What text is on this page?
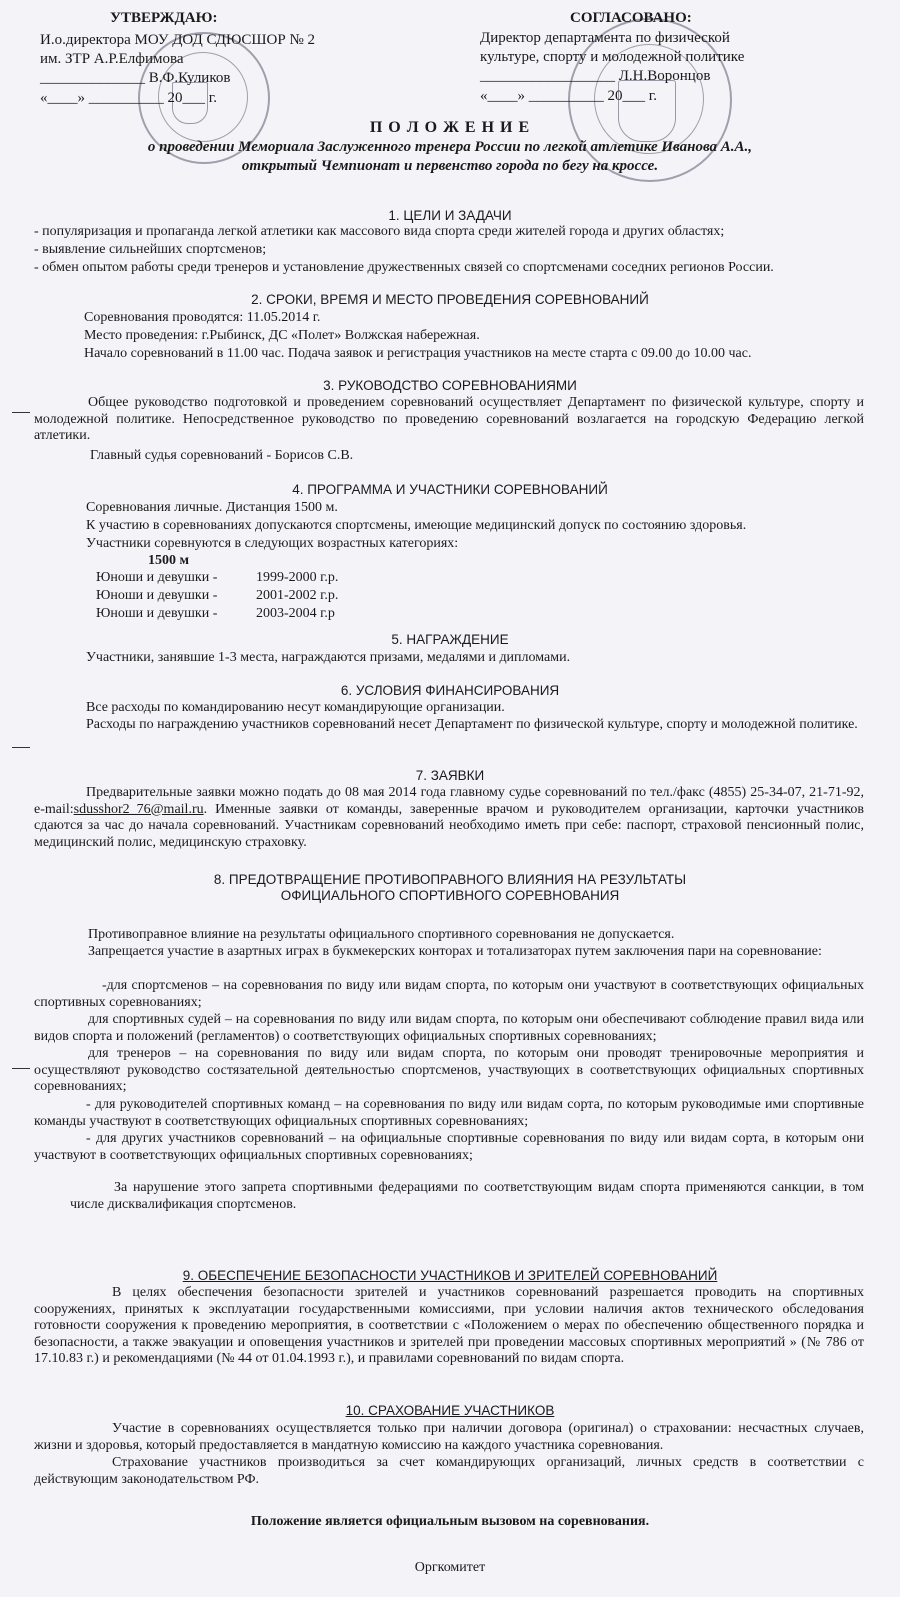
УТВЕРЖДАЮ:
И.о.директора МОУ ДОД СДЮСШОР № 2
им. ЗТР А.Р.Елфимова
______________ В.Ф.Куликов
«____» __________ 20___ г.
СОГЛАСОВАНО:
Директор департамента по физической
культуре, спорту и молодежной политике
__________________ Л.Н.Воронцов
«____» __________ 20___ г.
П О Л О Ж Е Н И Е
о проведении Мемориала Заслуженного тренера России по легкой атлетике Иванова А.А.,
открытый Чемпионат и первенство города по бегу на кроссе.
1. ЦЕЛИ И ЗАДАЧИ
- популяризация и пропаганда легкой атлетики как массового вида спорта среди жителей города и других областях;
- выявление сильнейших спортсменов;
- обмен опытом работы среди тренеров и установление дружественных связей со спортсменами соседних регионов России.
2. СРОКИ, ВРЕМЯ И МЕСТО ПРОВЕДЕНИЯ СОРЕВНОВАНИЙ
Соревнования проводятся: 11.05.2014 г.
Место проведения: г.Рыбинск, ДС «Полет» Волжская набережная.
Начало соревнований в 11.00 час. Подача заявок и регистрация участников на месте старта с 09.00 до 10.00 час.
3. РУКОВОДСТВО СОРЕВНОВАНИЯМИ
Общее руководство подготовкой и проведением соревнований осуществляет Департамент по физической культуре, спорту и молодежной политике. Непосредственное руководство по проведению соревнований возлагается на городскую Федерацию легкой атлетики.
Главный судья соревнований - Борисов С.В.
4. ПРОГРАММА И УЧАСТНИКИ СОРЕВНОВАНИЙ
Соревнования личные. Дистанция 1500 м.
К участию в соревнованиях допускаются спортсмены, имеющие медицинский допуск по состоянию здоровья.
Участники соревнуются в следующих возрастных категориях:
1500 м
Юноши и девушки -	1999-2000 г.р.
Юноши и девушки -	2001-2002 г.р.
Юноши и девушки -	2003-2004 г.р
5. НАГРАЖДЕНИЕ
Участники, занявшие 1-3 места, награждаются призами, медалями и дипломами.
6. УСЛОВИЯ ФИНАНСИРОВАНИЯ
Все расходы по командированию несут командирующие организации.
Расходы по награждению участников соревнований несет Департамент по физической культуре, спорту и молодежной политике.
7. ЗАЯВКИ
Предварительные заявки можно подать до 08 мая 2014 года главному судье соревнований по тел./факс (4855) 25-34-07, 21-71-92, e-mail:sdusshor2_76@mail.ru. Именные заявки от команды, заверенные врачом и руководителем организации, карточки участников сдаются за час до начала соревнований. Участникам соревнований необходимо иметь при себе: паспорт, страховой пенсионный полис, медицинский полис, медицинскую страховку.
8. ПРЕДОТВРАЩЕНИЕ ПРОТИВОПРАВНОГО ВЛИЯНИЯ НА РЕЗУЛЬТАТЫ
ОФИЦИАЛЬНОГО СПОРТИВНОГО СОРЕВНОВАНИЯ
Противоправное влияние на результаты официального спортивного соревнования не допускается.
Запрещается участие в азартных играх в букмекерских конторах и тотализаторах путем заключения пари на соревнование:
-для спортсменов – на соревнования по виду или видам спорта, по которым они участвуют в соответствующих официальных спортивных соревнованиях;
для спортивных судей – на соревнования по виду или видам спорта, по которым они обеспечивают соблюдение правил вида или видов спорта и положений (регламентов) о соответствующих официальных спортивных соревнованиях;
для тренеров – на соревнования по виду или видам спорта, по которым они проводят тренировочные мероприятия и осуществляют руководство состязательной деятельностью спортсменов, участвующих в соответствующих официальных спортивных соревнованиях;
- для руководителей спортивных команд – на соревнования по виду или видам сорта, по которым руководимые ими спортивные команды участвуют в соответствующих официальных спортивных соревнованиях;
- для других участников соревнований – на официальные спортивные соревнования по виду или видам сорта, в которым они участвуют в соответствующих официальных спортивных соревнованиях;
За нарушение этого запрета спортивными федерациями по соответствующим видам спорта применяются санкции, в том числе дисквалификация спортсменов.
9. ОБЕСПЕЧЕНИЕ БЕЗОПАСНОСТИ УЧАСТНИКОВ И ЗРИТЕЛЕЙ СОРЕВНОВАНИЙ
В целях обеспечения безопасности зрителей и участников соревнований разрешается проводить на спортивных сооружениях, принятых к эксплуатации государственными комиссиями, при условии наличия актов технического обследования готовности сооружения к проведению мероприятия, в соответствии с «Положением о мерах по обеспечению общественного порядка и безопасности, а также эвакуации и оповещения участников и зрителей при проведении массовых спортивных мероприятий » (№ 786 от 17.10.83 г.) и рекомендациями (№ 44 от 01.04.1993 г.), и правилами соревнований по видам спорта.
10. СРАХОВАНИЕ УЧАСТНИКОВ
Участие в соревнованиях осуществляется только при наличии договора (оригинал) о страховании: несчастных случаев, жизни и здоровья, который предоставляется в мандатную комиссию на каждого участника соревнования.
Страхование участников производиться за счет командирующих организаций, личных средств в соответствии с действующим законодательством РФ.
Положение является официальным вызовом на соревнования.
Оргкомитет
